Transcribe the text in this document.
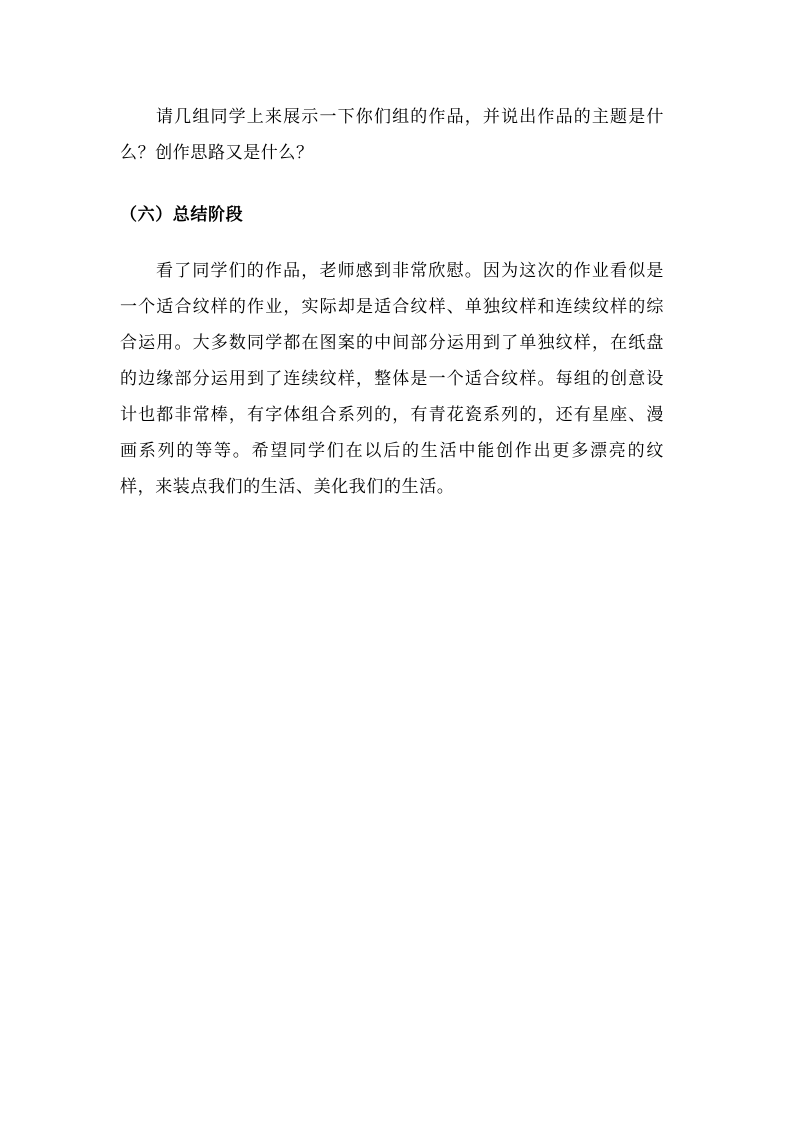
请几组同学上来展示一下你们组的作品，并说出作品的主题是什么？创作思路又是什么？

（六）总结阶段

看了同学们的作品，老师感到非常欣慰。因为这次的作业看似是一个适合纹样的作业，实际却是适合纹样、单独纹样和连续纹样的综合运用。大多数同学都在图案的中间部分运用到了单独纹样，在纸盘的边缘部分运用到了连续纹样，整体是一个适合纹样。每组的创意设计也都非常棒，有字体组合系列的，有青花瓷系列的，还有星座、漫画系列的等等。希望同学们在以后的生活中能创作出更多漂亮的纹样，来装点我们的生活、美化我们的生活。
